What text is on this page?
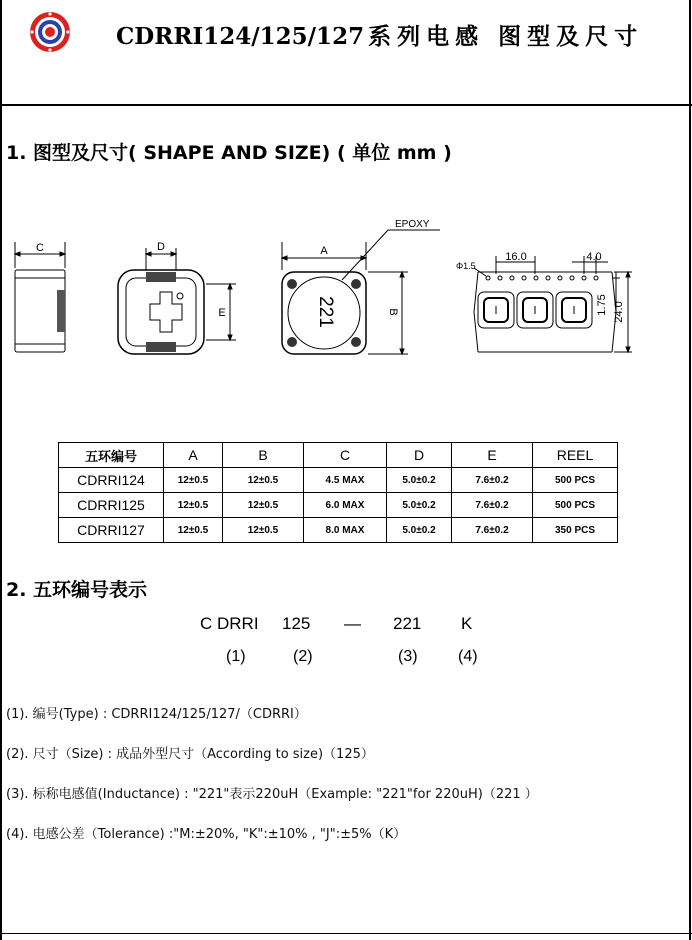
CDRRI124/125/127 系列电感 图型及尺寸
1. 图型及尺寸( SHAPE AND SIZE) ( 单位 mm )
C	D
E	221
A
B
EPOXY
16.0	4.0
Φ1.5
1.75 24.0
五环编号	A	B	C	D	E	REEL
CDRRI124	12±0.5	12±0.5	4.5 MAX	5.0±0.2	7.6±0.2	500 PCS
CDRRI125	12±0.5	12±0.5	6.0 MAX	5.0±0.2	7.6±0.2	500 PCS
CDRRI127	12±0.5	12±0.5	8.0 MAX	5.0±0.2	7.6±0.2	350 PCS
2. 五环编号表示
C DRRI 125 — 221 K
(1)	(2)	(3)	(4)
(1). 编号(Type) : CDRRI124/125/127/（CDRRI）
(2). 尺寸（Size) : 成品外型尺寸（According to size)（125）
(3). 标称电感值(Inductance) : "221"表示220uH（Example: "221"for 220uH)（221 ）
(4). 电感公差（Tolerance) :"M:±20%, "K":±10% , "J":±5%（K）
